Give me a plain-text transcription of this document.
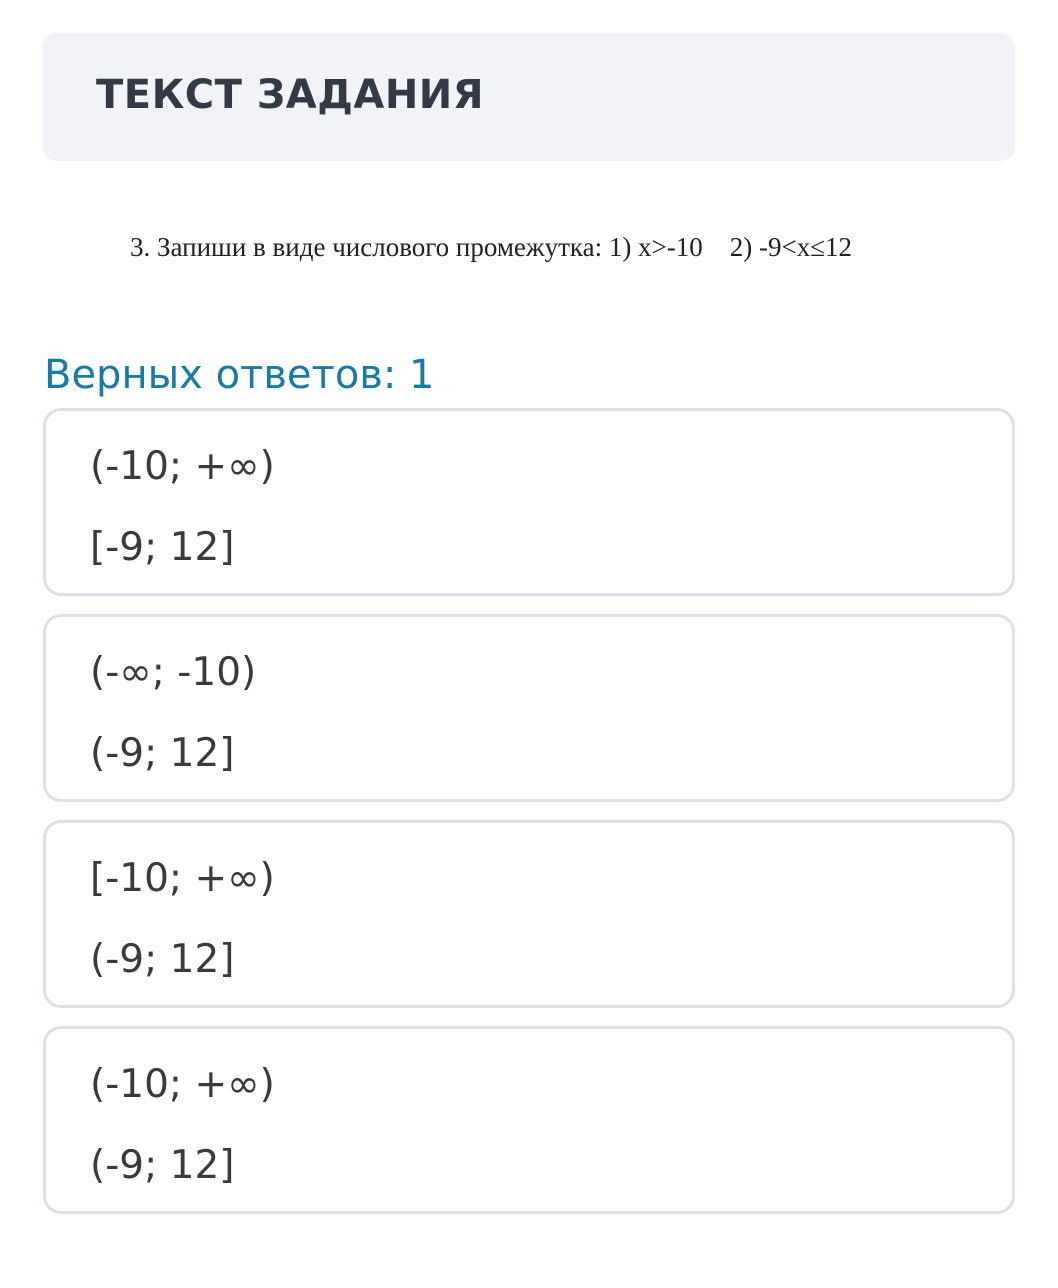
ТЕКСТ ЗАДАНИЯ
3. Запиши в виде числового промежутка: 1) x>-10    2) -9<x≤12
Верных ответов: 1
(-10; +∞)
[-9; 12]
(-∞; -10)
(-9; 12]
[-10; +∞)
(-9; 12]
(-10; +∞)
(-9; 12]
